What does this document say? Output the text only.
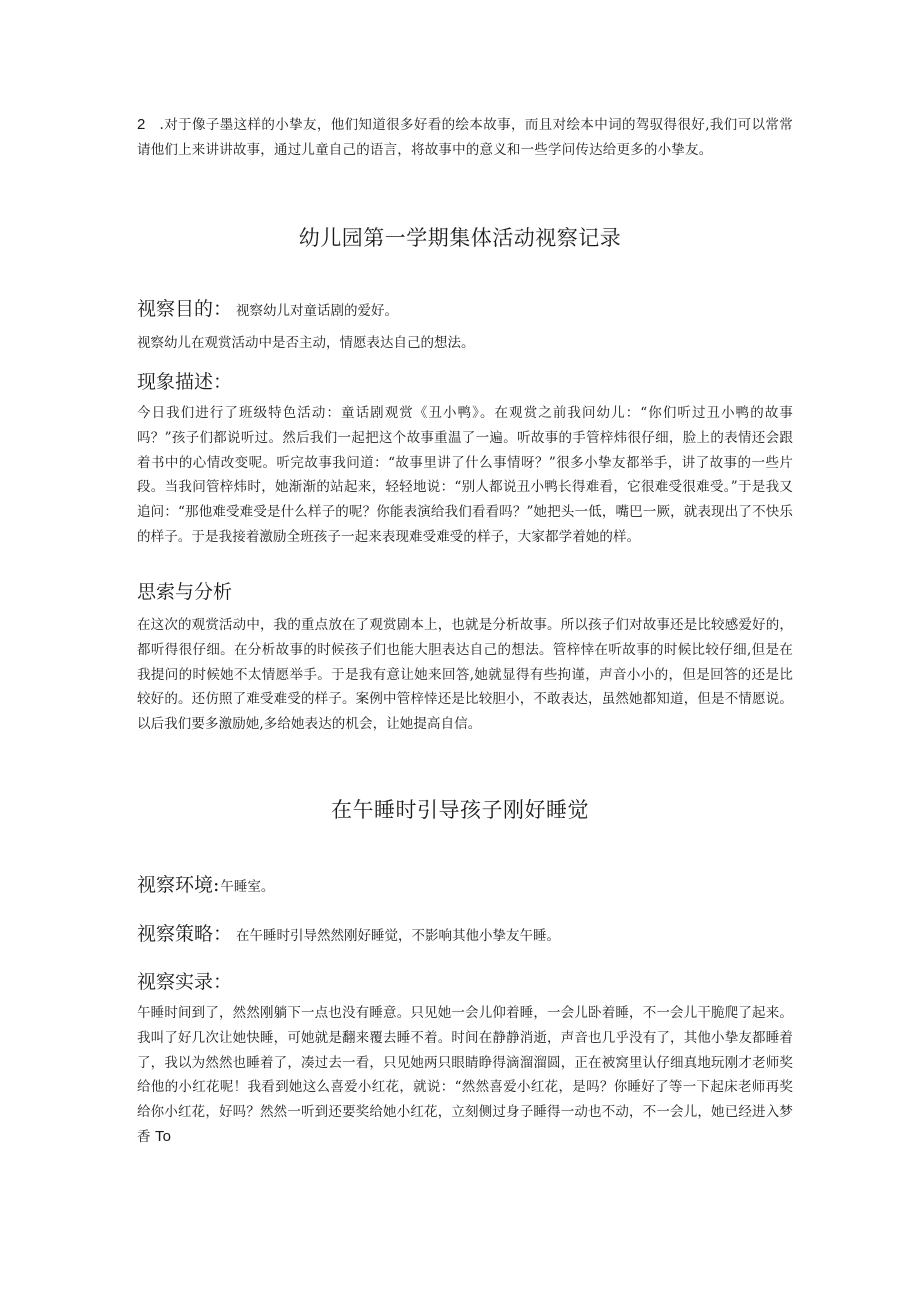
2 .对于像子墨这样的小挚友，他们知道很多好看的绘本故事，而且对绘本中词的驾驭得很好,我们可以常常请他们上来讲讲故事，通过儿童自己的语言，将故事中的意义和一些学问传达给更多的小挚友。
幼儿园第一学期集体活动视察记录
视察目的： 视察幼儿对童话剧的爱好。
视察幼儿在观赏活动中是否主动，情愿表达自己的想法。
现象描述：
今日我们进行了班级特色活动：童话剧观赏《丑小鸭》。在观赏之前我问幼儿：“你们听过丑小鸭的故事吗？”孩子们都说听过。然后我们一起把这个故事重温了一遍。听故事的手管梓炜很仔细，脸上的表情还会跟着书中的心情改变呢。听完故事我问道：“故事里讲了什么事情呀？”很多小挚友都举手，讲了故事的一些片段。当我问管梓炜时，她渐渐的站起来，轻轻地说：“别人都说丑小鸭长得难看，它很难受很难受。”于是我又追问：“那他难受难受是什么样子的呢？你能表演给我们看看吗？”她把头一低，嘴巴一厥，就表现出了不快乐的样子。于是我接着激励全班孩子一起来表现难受难受的样子，大家都学着她的样。
思索与分析
在这次的观赏活动中，我的重点放在了观赏剧本上，也就是分析故事。所以孩子们对故事还是比较感爱好的，都听得很仔细。在分析故事的时候孩子们也能大胆表达自己的想法。管梓悻在听故事的时候比较仔细,但是在我提问的时候她不太情愿举手。于是我有意让她来回答,她就显得有些拘谨，声音小小的，但是回答的还是比较好的。还仿照了难受难受的样子。案例中管梓悻还是比较胆小，不敢表达，虽然她都知道，但是不情愿说。以后我们要多激励她,多给她表达的机会，让她提高自信。
在午睡时引导孩子刚好睡觉
视察环境:午睡室。
视察策略： 在午睡时引导然然刚好睡觉，不影响其他小挚友午睡。
视察实录：
午睡时间到了，然然刚躺下一点也没有睡意。只见她一会儿仰着睡，一会儿卧着睡，不一会儿干脆爬了起来。我叫了好几次让她快睡，可她就是翻来覆去睡不着。时间在静静消逝，声音也几乎没有了，其他小挚友都睡着了，我以为然然也睡着了，凑过去一看，只见她两只眼睛睁得滴溜溜圆，正在被窝里认仔细真地玩刚才老师奖给他的小红花呢！我看到她这么喜爱小红花，就说：“然然喜爱小红花，是吗？你睡好了等一下起床老师再奖给你小红花，好吗？然然一听到还要奖给她小红花，立刻侧过身子睡得一动也不动，不一会儿，她已经进入梦香 To
